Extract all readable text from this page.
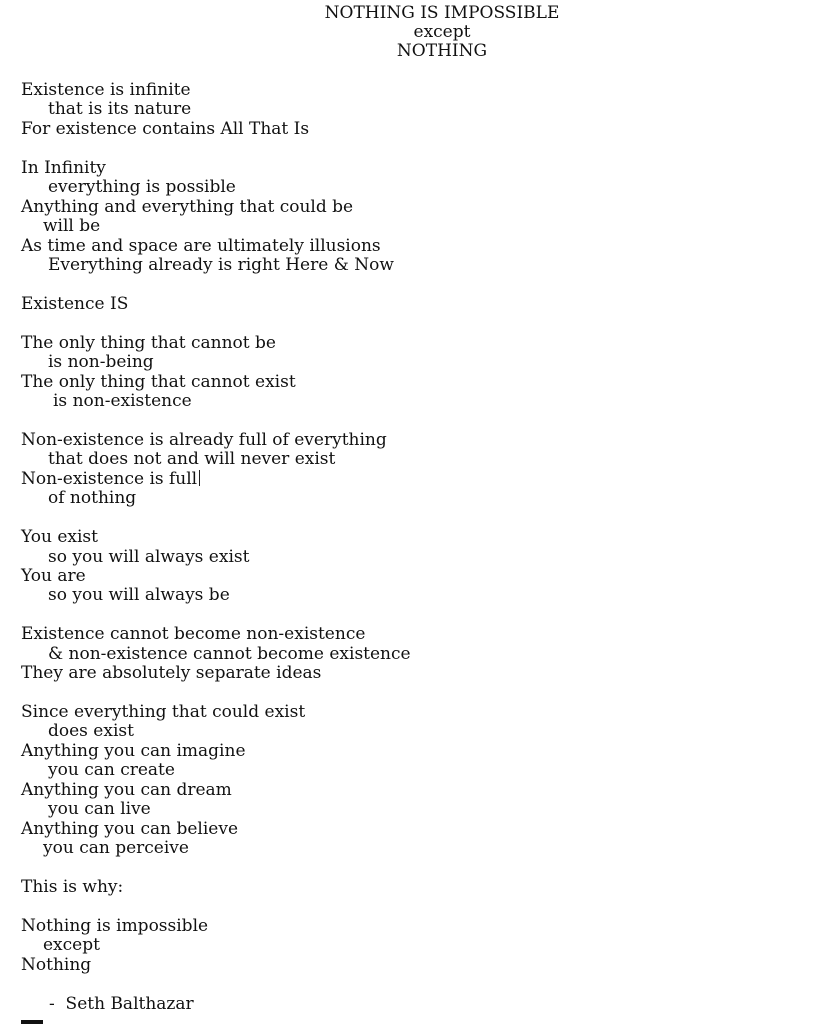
NOTHING IS IMPOSSIBLE
except
NOTHING
Existence is infinite
that is its nature
For existence contains All That Is
In Infinity
everything is possible
Anything and everything that could be
will be
As time and space are ultimately illusions
Everything already is right Here & Now
Existence IS
The only thing that cannot be
is non-being
The only thing that cannot exist
is non-existence
Non-existence is already full of everything
that does not and will never exist
Non-existence is full
of nothing
You exist
so you will always exist
You are
so you will always be
Existence cannot become non-existence
& non-existence cannot become existence
They are absolutely separate ideas
Since everything that could exist
does exist
Anything you can imagine
you can create
Anything you can dream
you can live
Anything you can believe
you can perceive
This is why:
Nothing is impossible
except
Nothing
-  Seth Balthazar
